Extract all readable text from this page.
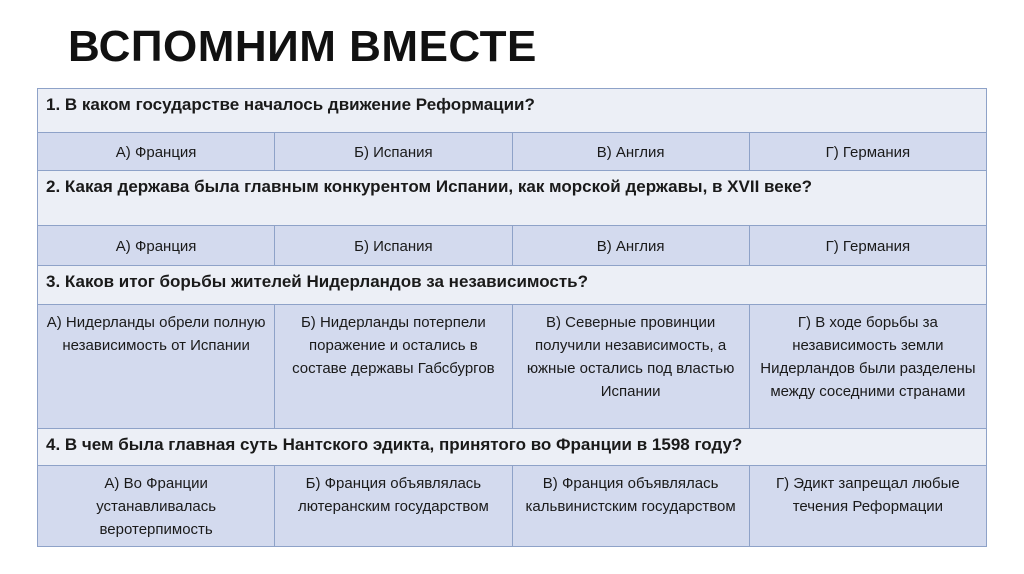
ВСПОМНИМ ВМЕСТЕ
1. В каком государстве началось движение Реформации?			
А) Франция	Б) Испания	В) Англия	Г) Германия
2. Какая держава была главным конкурентом Испании, как морской державы, в XVII веке?			
А) Франция	Б) Испания	В) Англия	Г) Германия
3. Каков итог борьбы жителей Нидерландов за независимость?			
А) Нидерланды обрели полную независимость от Испании	Б) Нидерланды потерпели поражение и остались в составе державы Габсбургов	В) Северные провинции получили независимость, а южные остались под властью Испании	Г) В ходе борьбы за независимость земли Нидерландов были разделены между соседними странами
4. В чем была главная суть Нантского эдикта, принятого во Франции в 1598 году?			
А) Во Франции устанавливалась веротерпимость	Б) Франция объявлялась лютеранским государством	В) Франция объявлялась кальвинистским государством	Г) Эдикт запрещал любые течения Реформации
